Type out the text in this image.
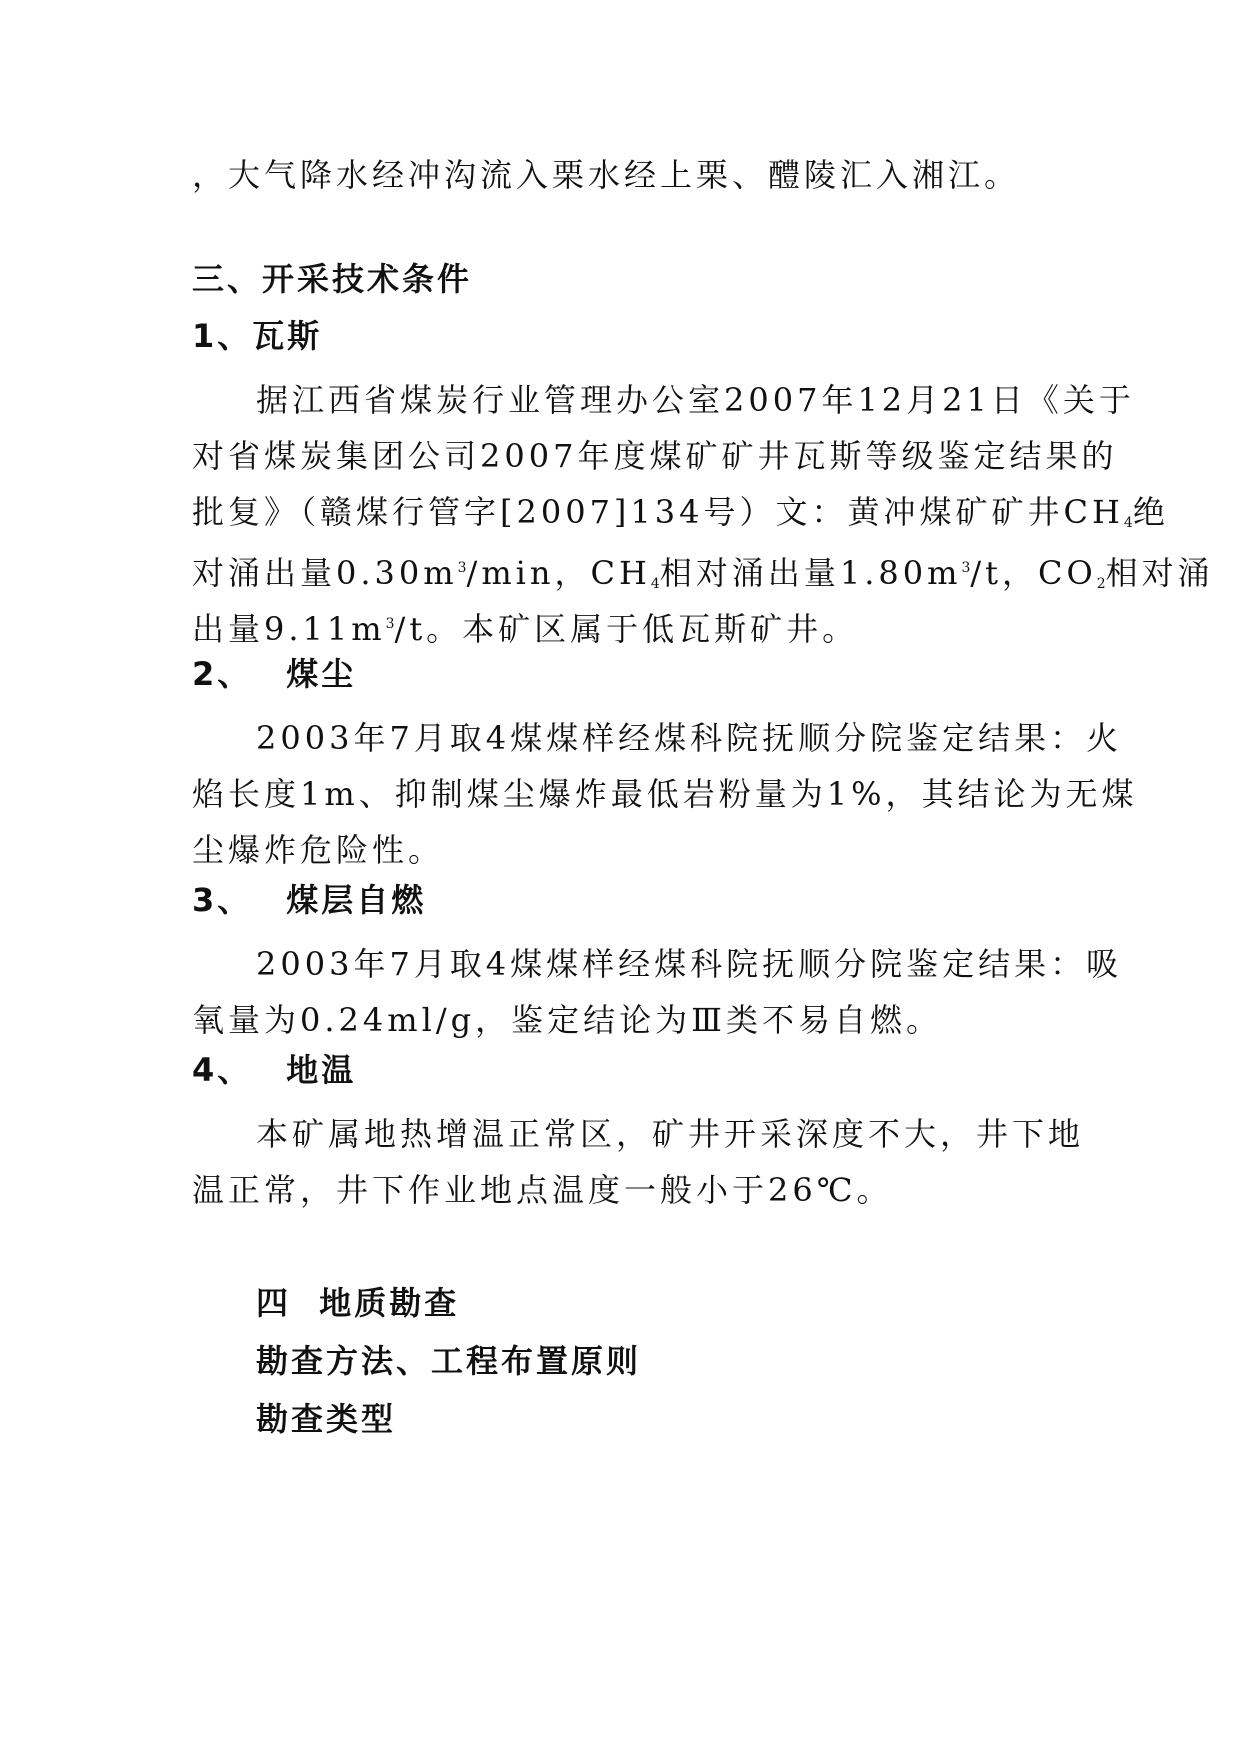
，大气降水经冲沟流入栗水经上栗、醴陵汇入湘江。
三、开采技术条件
1、瓦斯
据江西省煤炭行业管理办公室2007年12月21日《关于
对省煤炭集团公司2007年度煤矿矿井瓦斯等级鉴定结果的
批复》（赣煤行管字[2007]134号）文：黄冲煤矿矿井$CH_4$绝
对涌出量$0.30m^3/\min$，$CH_4$相对涌出量$1.80m^3/t$，$CO_2$相对涌
出量$9.11m^3/t$。本矿区属于低瓦斯矿井。
2、 煤尘
2003年7月取4煤煤样经煤科院抚顺分院鉴定结果：火
焰长度1m、抑制煤尘爆炸最低岩粉量为1%，其结论为无煤
尘爆炸危险性。
3、 煤层自燃
2003年7月取4煤煤样经煤科院抚顺分院鉴定结果：吸
氧量为0.24ml/g，鉴定结论为Ⅲ类不易自燃。
4、 地温
本矿属地热增温正常区，矿井开采深度不大，井下地
温正常，井下作业地点温度一般小于26℃。
四  地质勘查
勘查方法、工程布置原则
勘查类型
